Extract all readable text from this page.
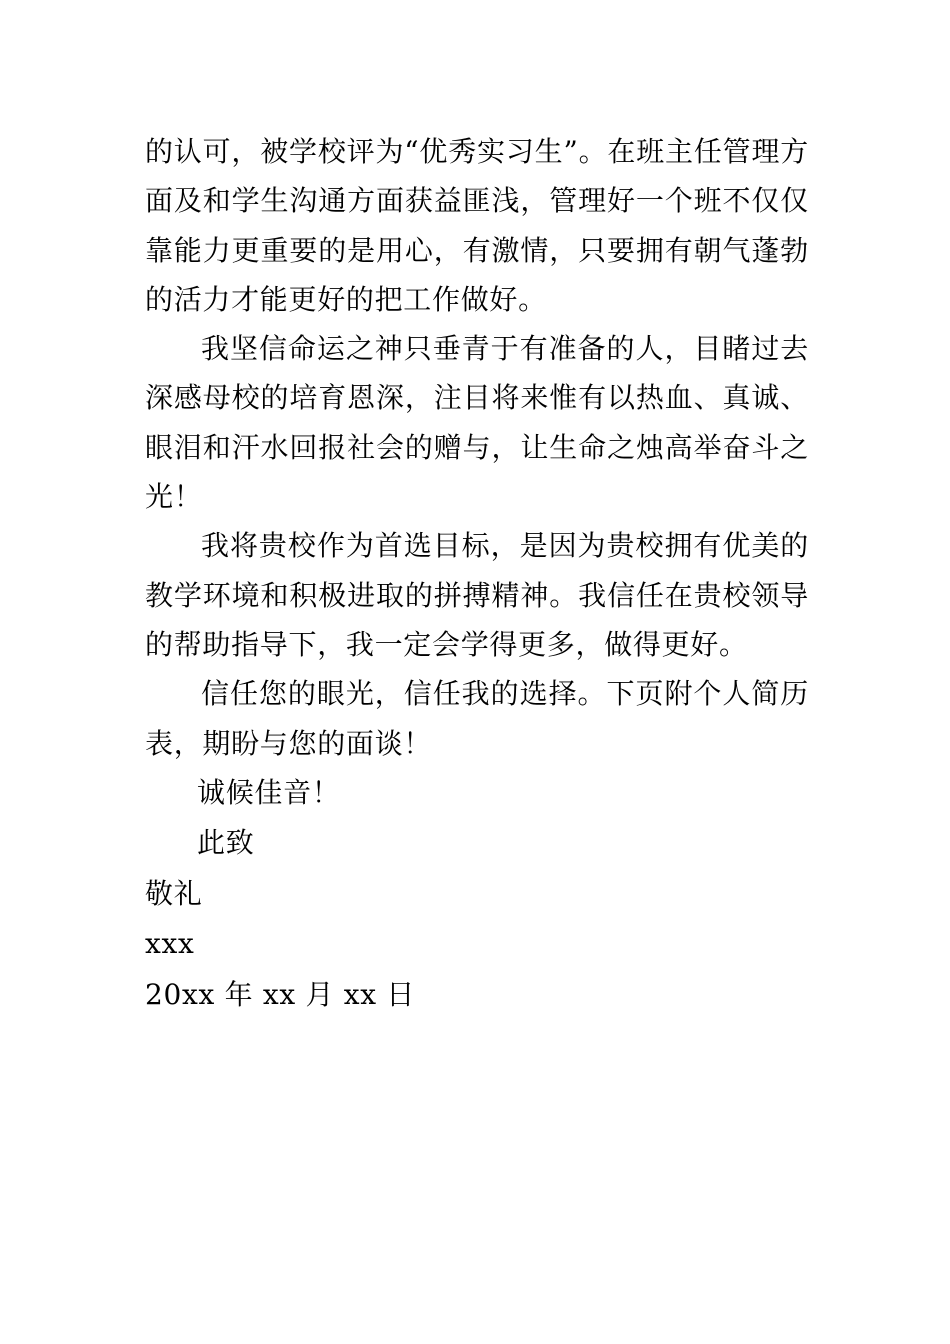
的认可，被学校评为“优秀实习生”。在班主任管理方面及和学生沟通方面获益匪浅，管理好一个班不仅仅靠能力更重要的是用心，有激情，只要拥有朝气蓬勃的活力才能更好的把工作做好。

我坚信命运之神只垂青于有准备的人，目睹过去深感母校的培育恩深，注目将来惟有以热血、真诚、眼泪和汗水回报社会的赠与，让生命之烛高举奋斗之光！

我将贵校作为首选目标，是因为贵校拥有优美的教学环境和积极进取的拼搏精神。我信任在贵校领导的帮助指导下，我一定会学得更多，做得更好。

信任您的眼光，信任我的选择。下页附个人简历表，期盼与您的面谈！

诚候佳音！
此致
敬礼
xxx
20xx 年 xx 月 xx 日
